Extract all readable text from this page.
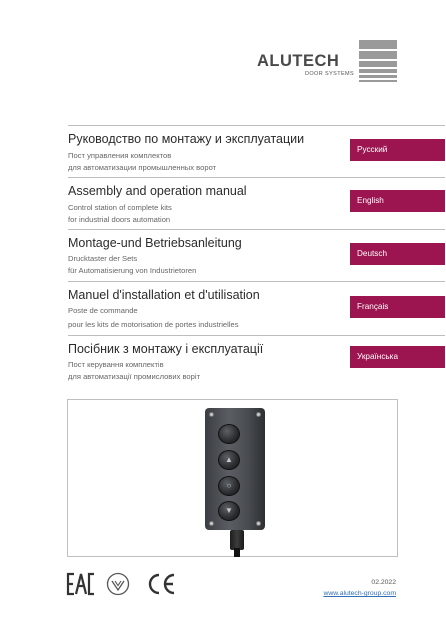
ALUTECH
DOOR SYSTEMS
Руководство по монтажу и эксплуатации
Пост управления комплектов
для автоматизации промышленных ворот
Русский
Assembly and operation manual
Control station of complete kits
for industrial doors automation
English
Montage-und Betriebsanleitung
Drucktaster der Sets
für Automatisierung von Industrietoren
Deutsch
Manuel d'installation et d'utilisation
Poste de commande
pour les kits de motorisation de portes industrielles
Français
Посібник з монтажу і експлуатації
Пост керування комплектів
для автоматизації промислових воріт
Українська
▲
○
▼
02.2022
www.alutech-group.com
